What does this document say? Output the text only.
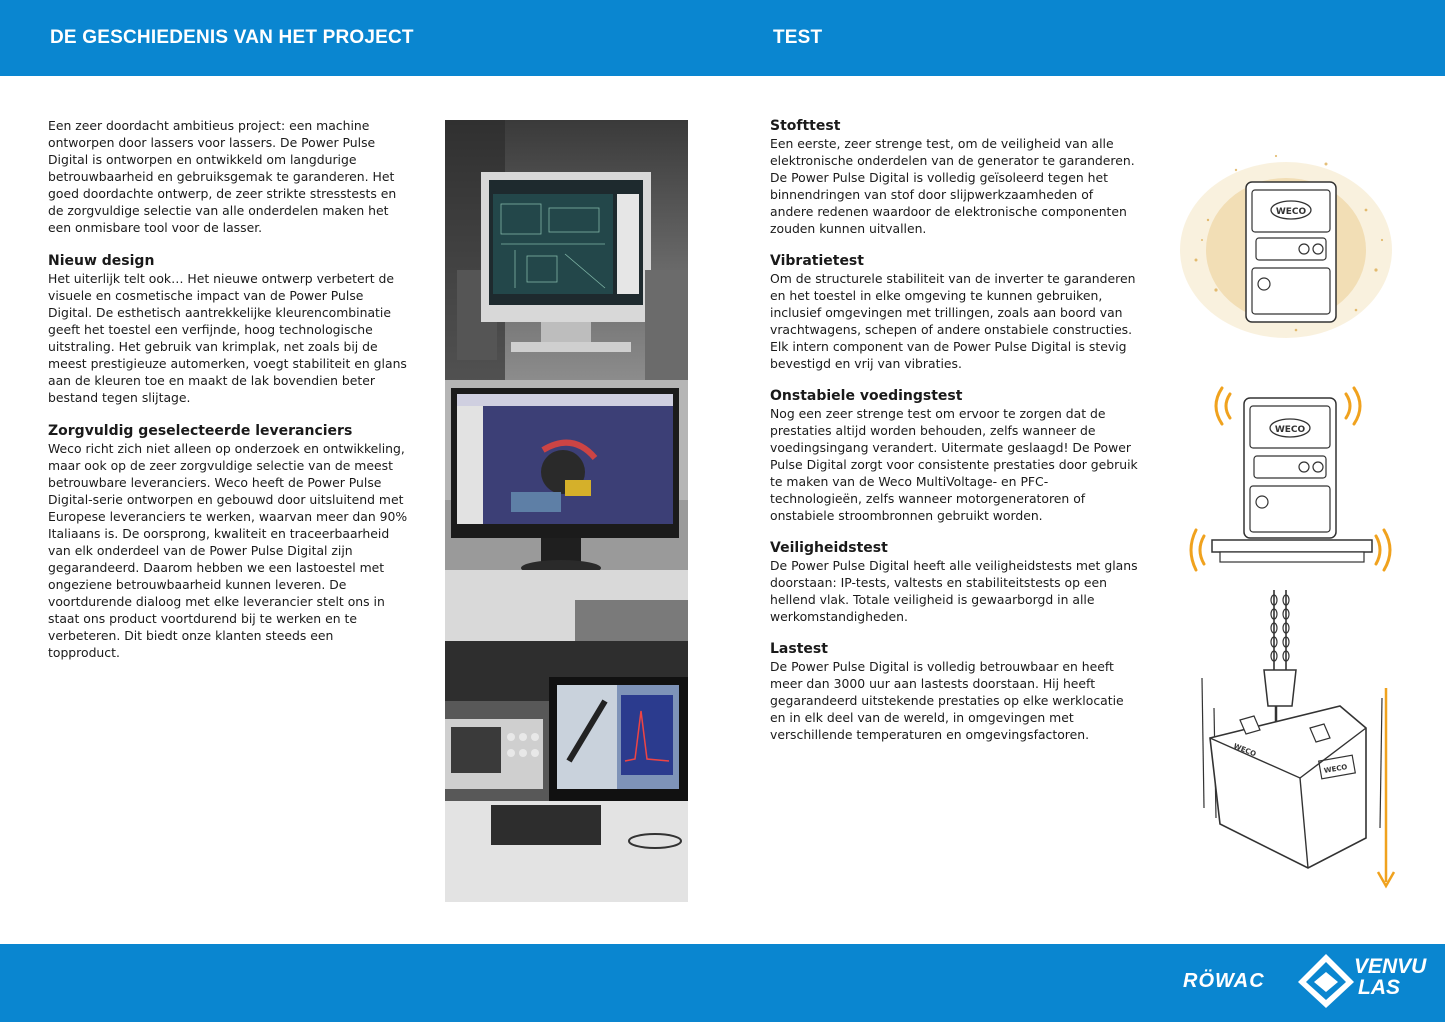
DE GESCHIEDENIS VAN HET PROJECT	TEST

Een zeer doordacht ambitieus project: een machine ontworpen door lassers voor lassers. De Power Pulse Digital is ontworpen en ontwikkeld om langdurige betrouwbaarheid en gebruiksgemak te garanderen. Het goed doordachte ontwerp, de zeer strikte stresstests en de zorgvuldige selectie van alle onderdelen maken het een onmisbare tool voor de lasser.

Nieuw design

Het uiterlijk telt ook… Het nieuwe ontwerp verbetert de visuele en cosmetische impact van de Power Pulse Digital. De esthetisch aantrekkelijke kleurencombinatie geeft het toestel een verfijnde, hoog technologische uitstraling. Het gebruik van krimplak, net zoals bij de meest prestigieuze automerken, voegt stabiliteit en glans aan de kleuren toe en maakt de lak bovendien beter bestand tegen slijtage.

Zorgvuldig geselecteerde leveranciers

Weco richt zich niet alleen op onderzoek en ontwikkeling, maar ook op de zeer zorgvuldige selectie van de meest betrouwbare leveranciers. Weco heeft de Power Pulse Digital-serie ontworpen en gebouwd door uitsluitend met Europese leveranciers te werken, waarvan meer dan 90% Italiaans is. De oorsprong, kwaliteit en traceerbaarheid van elk onderdeel van de Power Pulse Digital zijn gegarandeerd. Daarom hebben we een lastoestel met ongeziene betrouwbaarheid kunnen leveren. De voortdurende dialoog met elke leverancier stelt ons in staat ons product voortdurend bij te werken en te verbeteren. Dit biedt onze klanten steeds een topproduct.

Stofttest

Een eerste, zeer strenge test, om de veiligheid van alle elektronische onderdelen van de generator te garanderen. De Power Pulse Digital is volledig geïsoleerd tegen het binnendringen van stof door slijpwerkzaamheden of andere redenen waardoor de elektronische componenten zouden kunnen uitvallen.

Vibratietest

Om de structurele stabiliteit van de inverter te garanderen en het toestel in elke omgeving te kunnen gebruiken, inclusief omgevingen met trillingen, zoals aan boord van vrachtwagens, schepen of andere onstabiele constructies. Elk intern component van de Power Pulse Digital is stevig bevestigd en vrij van vibraties.

Onstabiele voedingstest

Nog een zeer strenge test om ervoor te zorgen dat de prestaties altijd worden behouden, zelfs wanneer de voedingsingang verandert. Uitermate geslaagd! De Power Pulse Digital zorgt voor consistente prestaties door gebruik te maken van de Weco MultiVoltage- en PFC-technologieën, zelfs wanneer motorgeneratoren of onstabiele stroombronnen gebruikt worden.

Veiligheidstest

De Power Pulse Digital heeft alle veiligheidstests met glans doorstaan: IP-tests, valtests en stabiliteitstests op een hellend vlak. Totale veiligheid is gewaarborgd in alle werkomstandigheden.

Lastest

De Power Pulse Digital is volledig betrouwbaar en heeft meer dan 3000 uur aan lastests doorstaan. Hij heeft gegarandeerd uitstekende prestaties op elke werklocatie en in elk deel van de wereld, in omgevingen met verschillende temperaturen en omgevingsfactoren.

WECO
WECO
WECO
WECO
RÖWAC
VENVU
LAS
